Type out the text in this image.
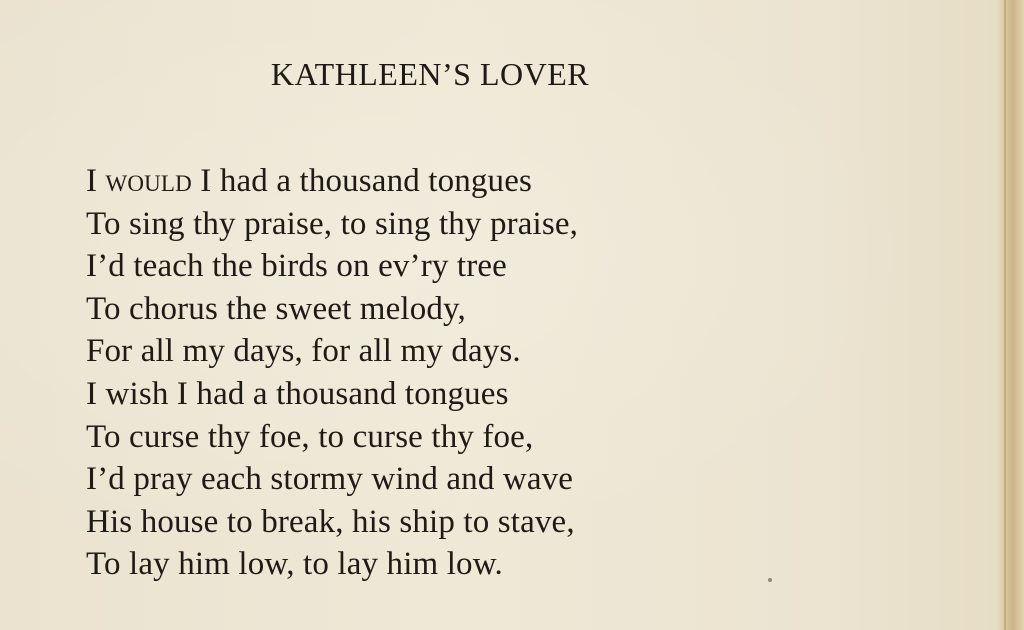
KATHLEEN’S LOVER
I would I had a thousand tongues
To sing thy praise, to sing thy praise,
I’d teach the birds on ev’ry tree
To chorus the sweet melody,
For all my days, for all my days.
I wish I had a thousand tongues
To curse thy foe, to curse thy foe,
I’d pray each stormy wind and wave
His house to break, his ship to stave,
To lay him low, to lay him low.
